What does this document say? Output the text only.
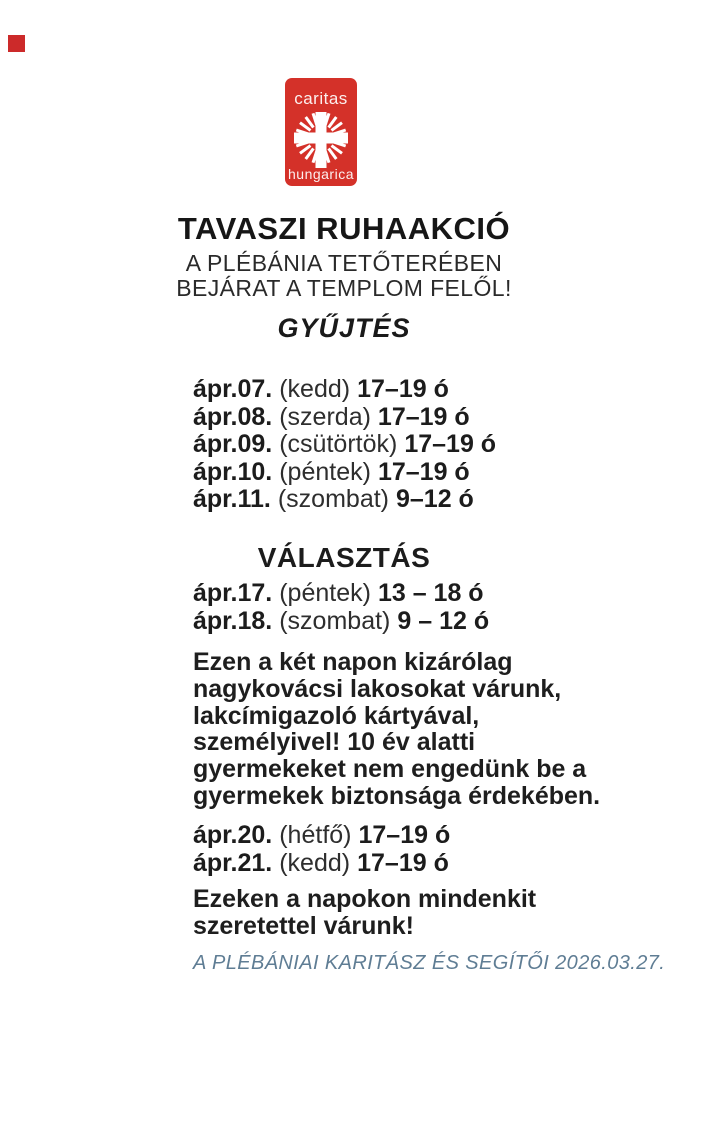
caritas
hungarica
TAVASZI RUHAAKCIÓ
A PLÉBÁNIA TETŐTERÉBEN
BEJÁRAT A TEMPLOM FELŐL!
GYŰJTÉS
ápr.07. (kedd) 17–19 ó
ápr.08. (szerda) 17–19 ó
ápr.09. (csütörtök) 17–19 ó
ápr.10. (péntek) 17–19 ó
ápr.11. (szombat) 9–12 ó
VÁLASZTÁS
ápr.17. (péntek) 13 – 18 ó
ápr.18. (szombat) 9 – 12 ó
Ezen a két napon kizárólag
nagykovácsi lakosokat várunk,
lakcímigazoló kártyával,
személyivel! 10 év alatti
gyermekeket nem engedünk be a
gyermekek biztonsága érdekében.
ápr.20. (hétfő) 17–19 ó
ápr.21. (kedd) 17–19 ó
Ezeken a napokon mindenkit
szeretettel várunk!
A PLÉBÁNIAI KARITÁSZ ÉS SEGÍTŐI 2026.03.27.
